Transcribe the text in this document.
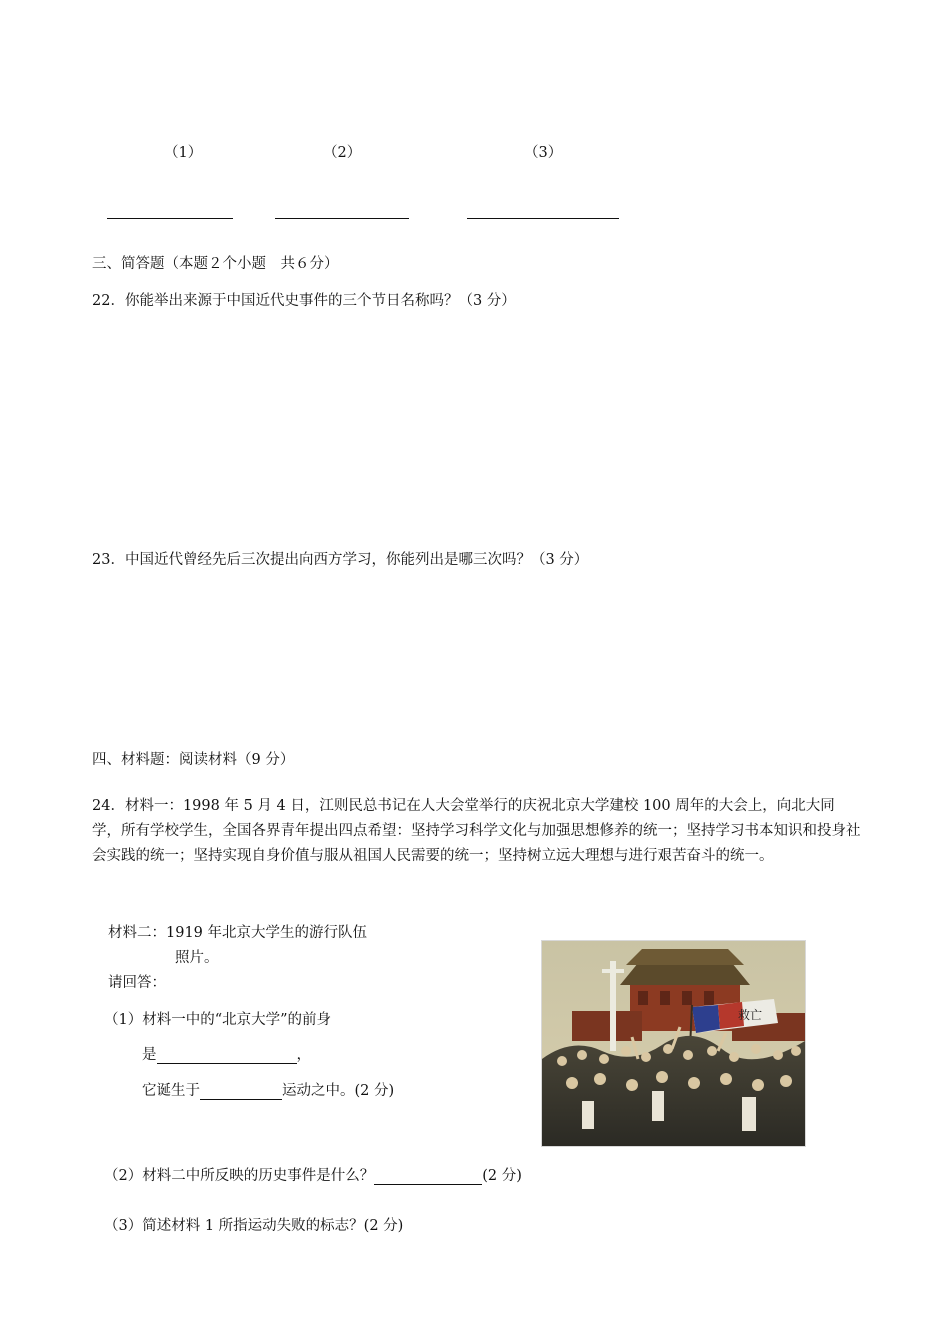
（1）	（2）	（3）
三、简答题（本题２个小题　共６分）
22．你能举出来源于中国近代史事件的三个节日名称吗？（3 分）
23．中国近代曾经先后三次提出向西方学习，你能列出是哪三次吗？（3 分）
四、材料题：阅读材料（9 分）
24．材料一：1998 年 5 月 4 日，江则民总书记在人大会堂举行的庆祝北京大学建校 100 周年的大会上，向北大同学，所有学校学生，全国各界青年提出四点希望：坚持学习科学文化与加强思想修养的统一；坚持学习书本知识和投身社会实践的统一；坚持实现自身价值与服从祖国人民需要的统一；坚持树立远大理想与进行艰苦奋斗的统一。
材料二：1919 年北京大学生的游行队伍
照片。
请回答：
（1）材料一中的“北京大学”的前身
是	，
它诞生于	运动之中。(2 分)
（2）材料二中所反映的历史事件是什么？	(2 分)
（3）简述材料 1 所指运动失败的标志？(2 分)
救亡
